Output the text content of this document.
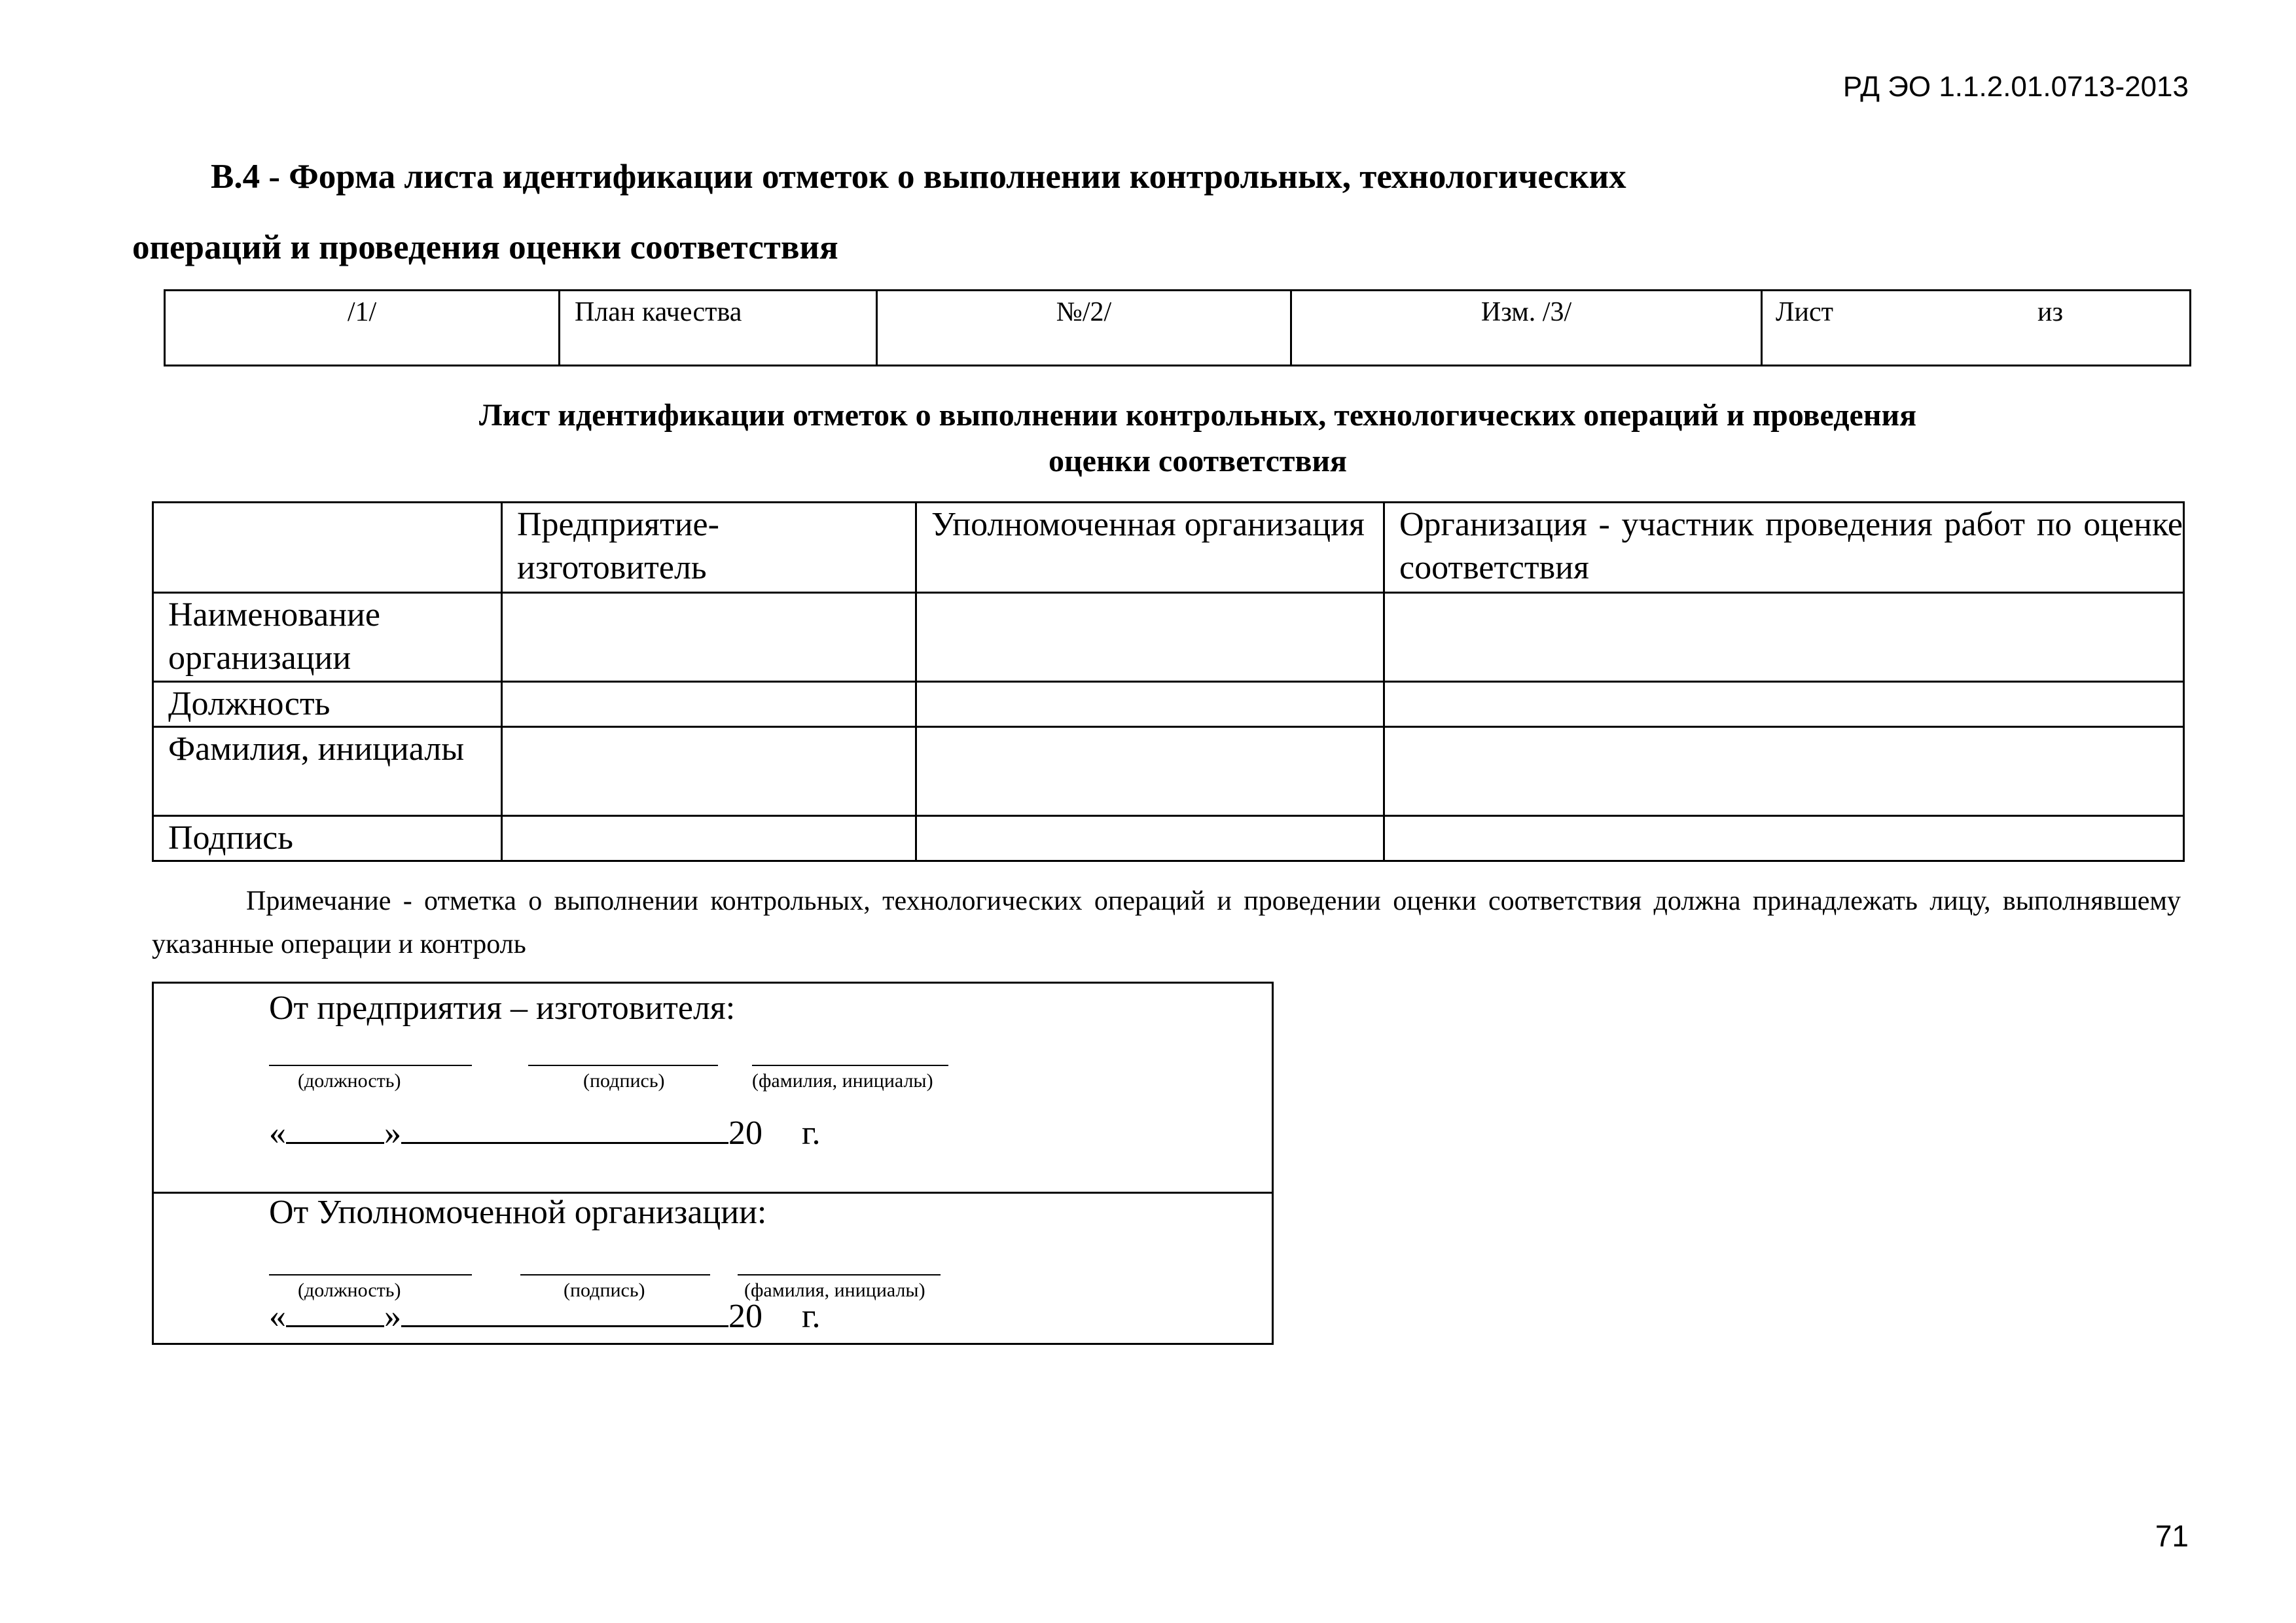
РД ЭО 1.1.2.01.0713-2013
В.4 - Форма листа идентификации отметок о выполнении контрольных, технологических
операций и проведения оценки соответствия
/1/	План качества	№/2/	Изм. /3/	Лист	из
Лист идентификации отметок о выполнении контрольных, технологических операций и проведения
оценки соответствия
	Предприятие- изготовитель	Уполномоченная организация	Организация - участник проведения работ по оценке соответствия
Наименование организации			
Должность			
Фамилия, инициалы			
Подпись			
Примечание - отметка о выполнении контрольных, технологических операций и проведении оценки соответствия должна принадлежать лицу, выполнявшему указанные операции и контроль
От предприятия – изготовителя:
(должность)	(подпись)	(фамилия, инициалы)
«	»	20 г.
От Уполномоченной организации:
(должность)	(подпись)	(фамилия, инициалы)
«	»	20 г.
71
